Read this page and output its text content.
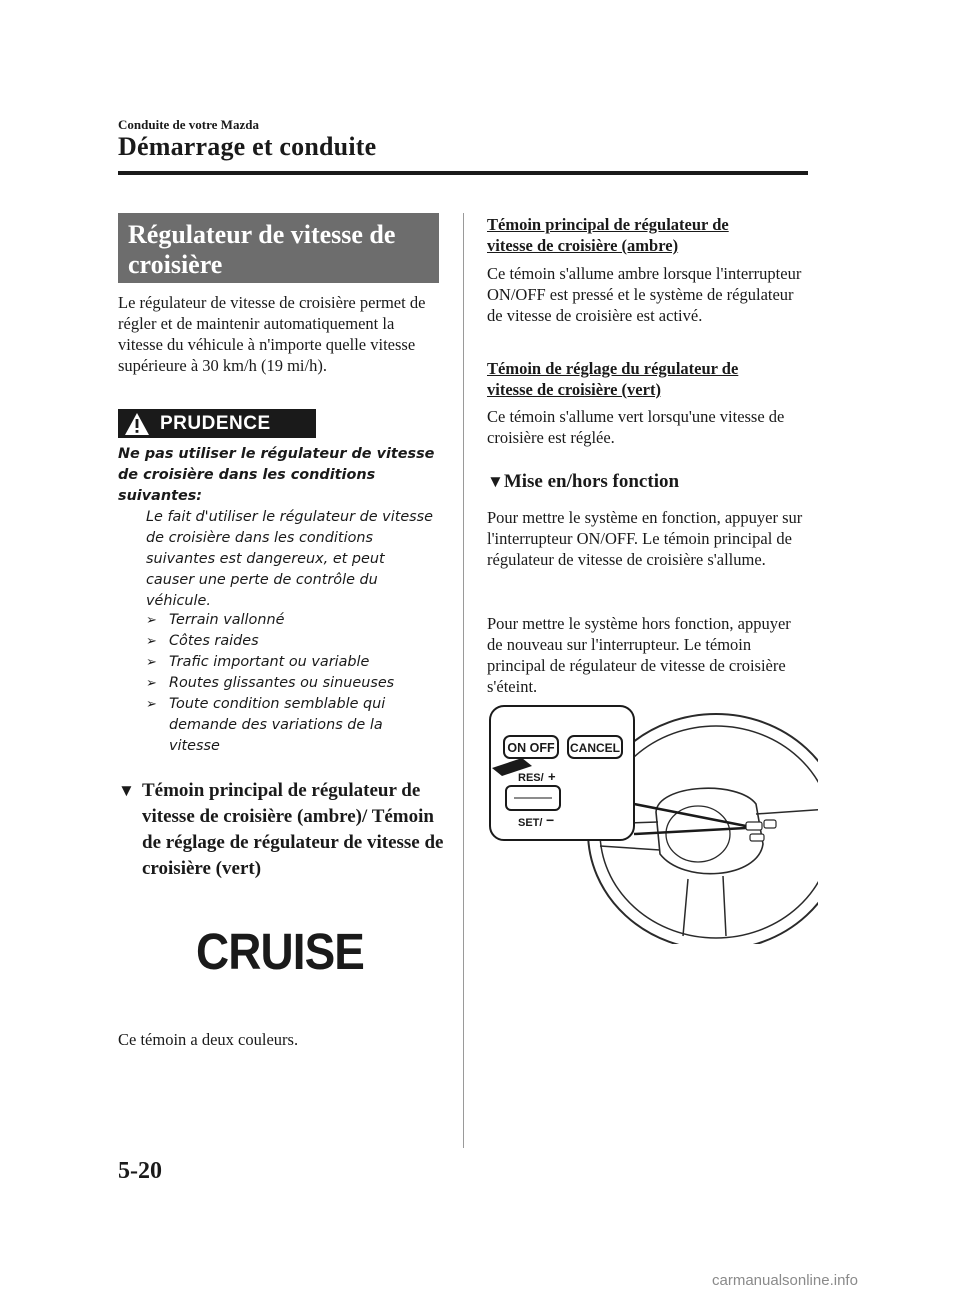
Conduite de votre Mazda
Démarrage et conduite
Régulateur de vitesse de croisière
Le régulateur de vitesse de croisière permet de régler et de maintenir automatiquement la vitesse du véhicule à n'importe quelle vitesse supérieure à 30 km/h (19 mi/h).
PRUDENCE
Ne pas utiliser le régulateur de vitesse de croisière dans les conditions suivantes:
Le fait d'utiliser le régulateur de vitesse de croisière dans les conditions suivantes est dangereux, et peut causer une perte de contrôle du véhicule.
➢ Terrain vallonné
➢ Côtes raides
➢ Trafic important ou variable
➢ Routes glissantes ou sinueuses
➢ Toute condition semblable qui demande des variations de la vitesse
▼ Témoin principal de régulateur de vitesse de croisière (ambre)/ Témoin de réglage de régulateur de vitesse de croisière (vert)
CRUISE
Ce témoin a deux couleurs.
Témoin principal de régulateur de vitesse de croisière (ambre)
Ce témoin s'allume ambre lorsque l'interrupteur ON/OFF est pressé et le système de régulateur de vitesse de croisière est activé.
Témoin de réglage du régulateur de vitesse de croisière (vert)
Ce témoin s'allume vert lorsqu'une vitesse de croisière est réglée.
▼Mise en/hors fonction
Pour mettre le système en fonction, appuyer sur l'interrupteur ON/OFF. Le témoin principal de régulateur de vitesse de croisière s'allume.
Pour mettre le système hors fonction, appuyer de nouveau sur l'interrupteur. Le témoin principal de régulateur de vitesse de croisière s'éteint.
ON OFF CANCEL
RES/ +
SET/ −
5-20
carmanualsonline.info
